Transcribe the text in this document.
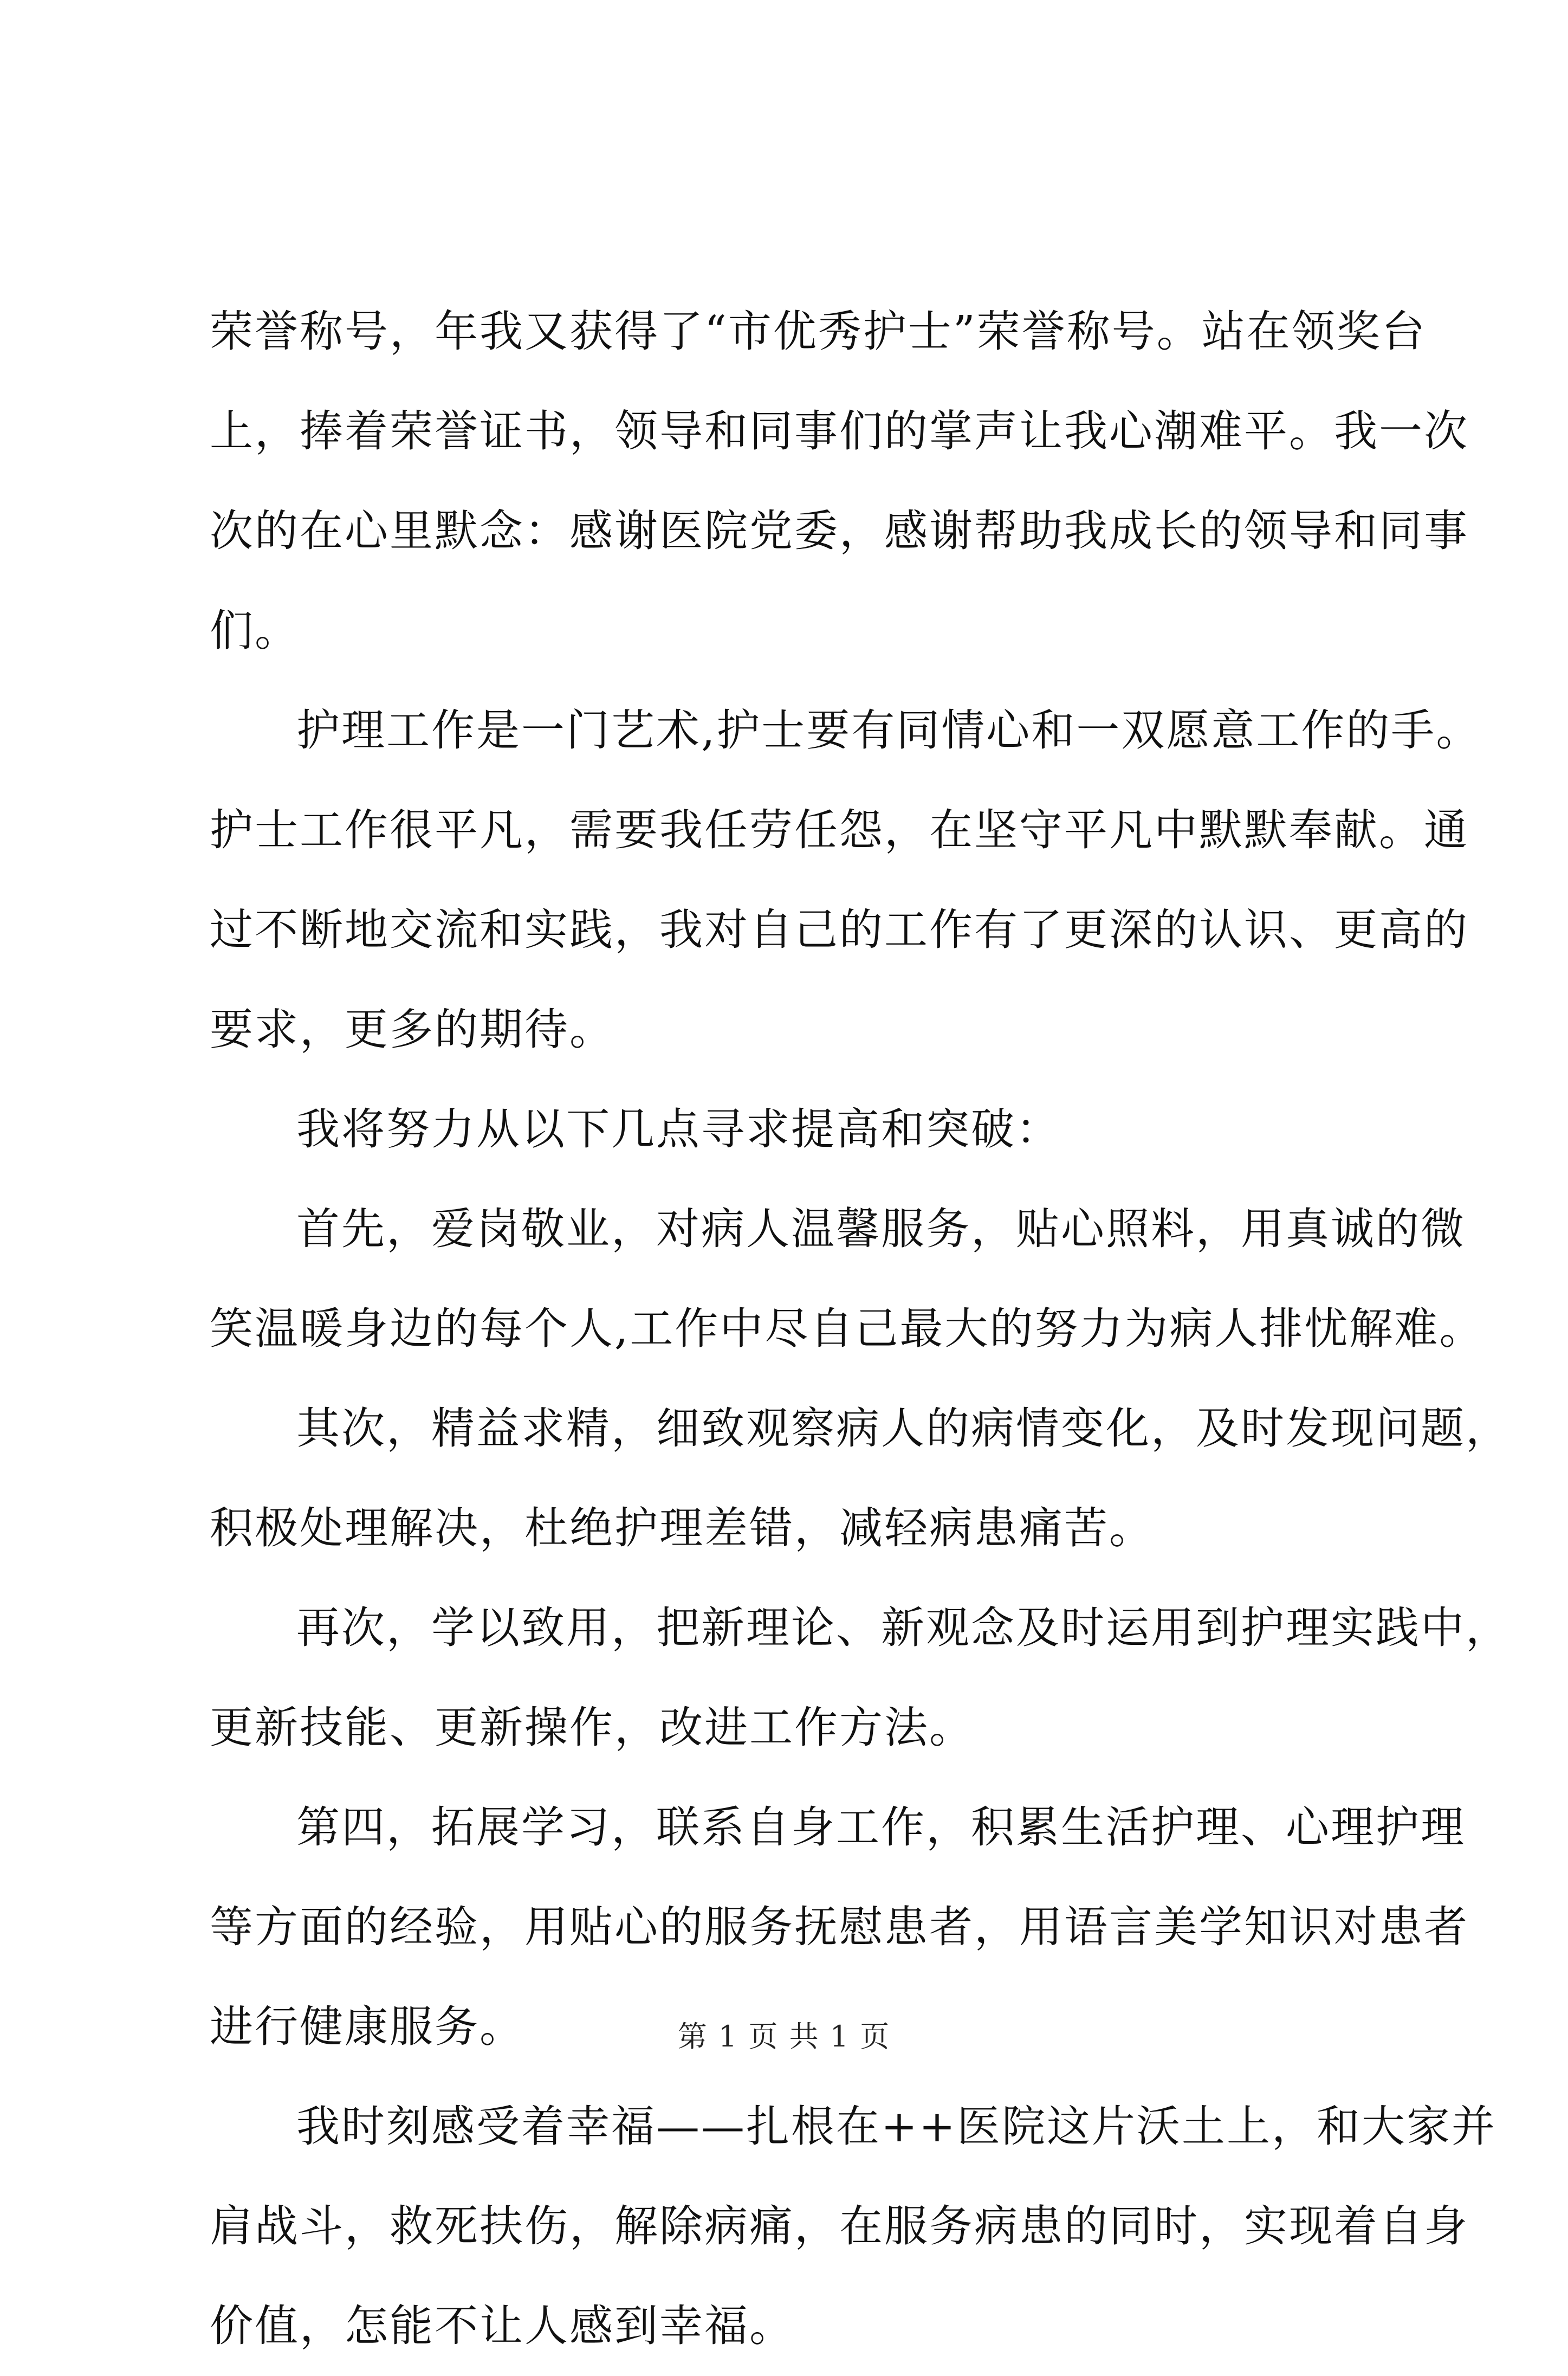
荣誉称号，年我又获得了“市优秀护士”荣誉称号。站在领奖台

上，捧着荣誉证书，领导和同事们的掌声让我心潮难平。我一次

次的在心里默念：感谢医院党委，感谢帮助我成长的领导和同事

们。

护理工作是一门艺术,护士要有同情心和一双愿意工作的手。

护士工作很平凡，需要我任劳任怨，在坚守平凡中默默奉献。通

过不断地交流和实践，我对自己的工作有了更深的认识、更高的

要求，更多的期待。

我将努力从以下几点寻求提高和突破：

首先，爱岗敬业，对病人温馨服务，贴心照料，用真诚的微

笑温暖身边的每个人,工作中尽自己最大的努力为病人排忧解难。

其次，精益求精，细致观察病人的病情变化，及时发现问题，

积极处理解决，杜绝护理差错，减轻病患痛苦。

再次，学以致用，把新理论、新观念及时运用到护理实践中，

更新技能、更新操作，改进工作方法。

第四，拓展学习，联系自身工作，积累生活护理、心理护理

等方面的经验，用贴心的服务抚慰患者，用语言美学知识对患者

进行健康服务。

我时刻感受着幸福——扎根在++医院这片沃土上，和大家并

肩战斗，救死扶伤，解除病痛，在服务病患的同时，实现着自身

价值，怎能不让人感到幸福。

第 1 页 共 1 页
